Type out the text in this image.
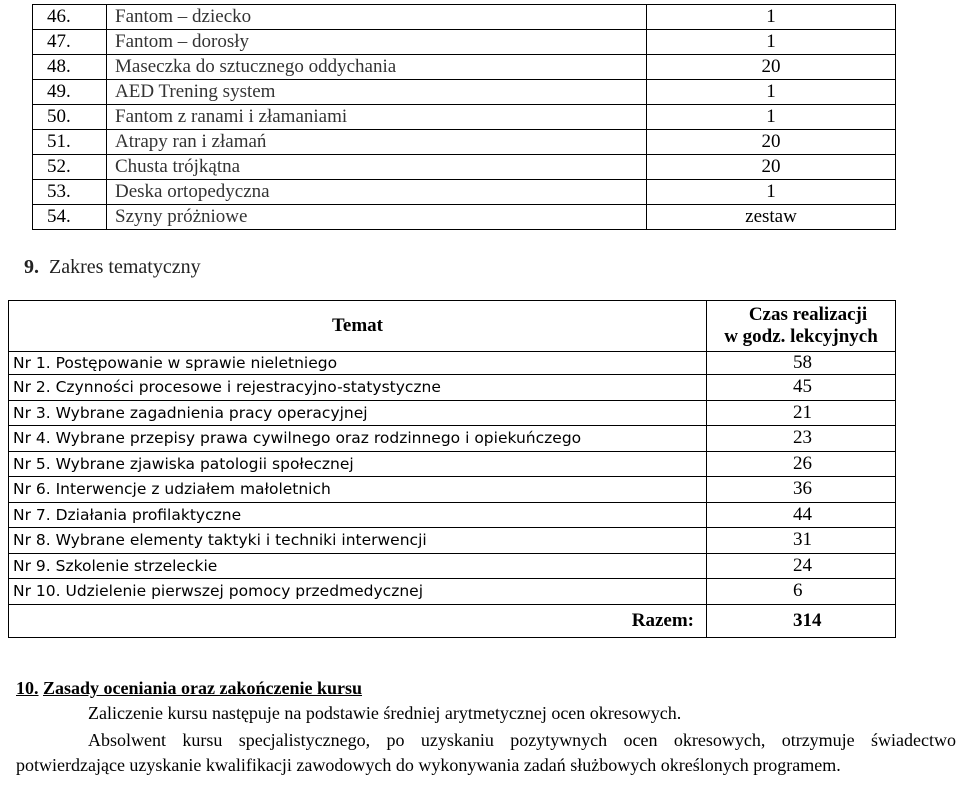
46.	Fantom – dziecko	1
47.	Fantom – dorosły	1
48.	Maseczka do sztucznego oddychania	20
49.	AED Trening system	1
50.	Fantom z ranami i złamaniami	1
51.	Atrapy ran i złamań	20
52.	Chusta trójkątna	20
53.	Deska ortopedyczna	1
54.	Szyny próżniowe	zestaw
9. Zakres tematyczny
Temat	Czas realizacji
w godz. lekcyjnych

Nr 1. Postępowanie w sprawie nieletniego	58
Nr 2. Czynności procesowe i rejestracyjno-statystyczne	45
Nr 3. Wybrane zagadnienia pracy operacyjnej	21
Nr 4. Wybrane przepisy prawa cywilnego oraz rodzinnego i opiekuńczego	23
Nr 5. Wybrane zjawiska patologii społecznej	26
Nr 6. Interwencje z udziałem małoletnich	36
Nr 7. Działania profilaktyczne	44
Nr 8. Wybrane elementy taktyki i techniki interwencji	31
Nr 9. Szkolenie strzeleckie	24
Nr 10. Udzielenie pierwszej pomocy przedmedycznej	6
Razem:	314
10. Zasady oceniania oraz zakończenie kursu
Zaliczenie kursu następuje na podstawie średniej arytmetycznej ocen okresowych.
Absolwent kursu specjalistycznego, po uzyskaniu pozytywnych ocen okresowych, otrzymuje świadectwo potwierdzające uzyskanie kwalifikacji zawodowych do wykonywania zadań służbowych określonych programem.
